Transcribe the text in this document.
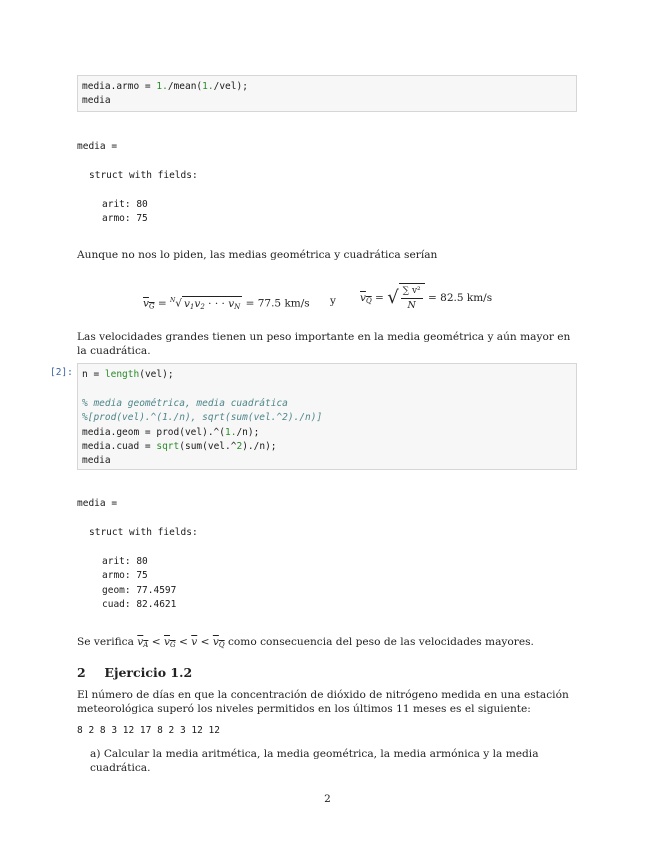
media.armo = 1./mean(1./vel);
media
media =
struct with fields:
arit: 80
armo: 75
Aunque no nos lo piden, las medias geométrica y cuadrática serían
$\overline{v}_{\overline{G}} = ^N√$ $v_1v_2$ · · · $v_N = 77.5$ km/s y $\overline{v}_{\overline{Q}}$ = √ $\frac{\text{∑ v²}}{N} = 82.5$ km/s
Las velocidades grandes tienen un peso importante en la media geométrica y aún mayor en la cuadrática.
[2]: n = length(vel);

% media geométrica, media cuadrática
%[prod(vel).^(1./n), sqrt(sum(vel.^2)./n)]
media.geom = prod(vel).^(1./n);
media.cuad = sqrt(sum(vel.^2)./n);
media
media =
struct with fields:
arit: 80
armo: 75
geom: 77.4597
cuad: 82.4621
Se verifica $\overline{v}_{\overline{A}} < \overline{v}_{\overline{G}} < \overline{v} < \overline{v}_{\overline{Q}}$ como consecuencia del peso de las velocidades mayores.
2 Ejercicio 1.2
El número de días en que la concentración de dióxido de nitrógeno medida en una estación meteorológica superó los niveles permitidos en los últimos 11 meses es el siguiente:
8 2 8 3 12 17 8 2 3 12 12
a) Calcular la media aritmética, la media geométrica, la media armónica y la media cuadrática.
2
